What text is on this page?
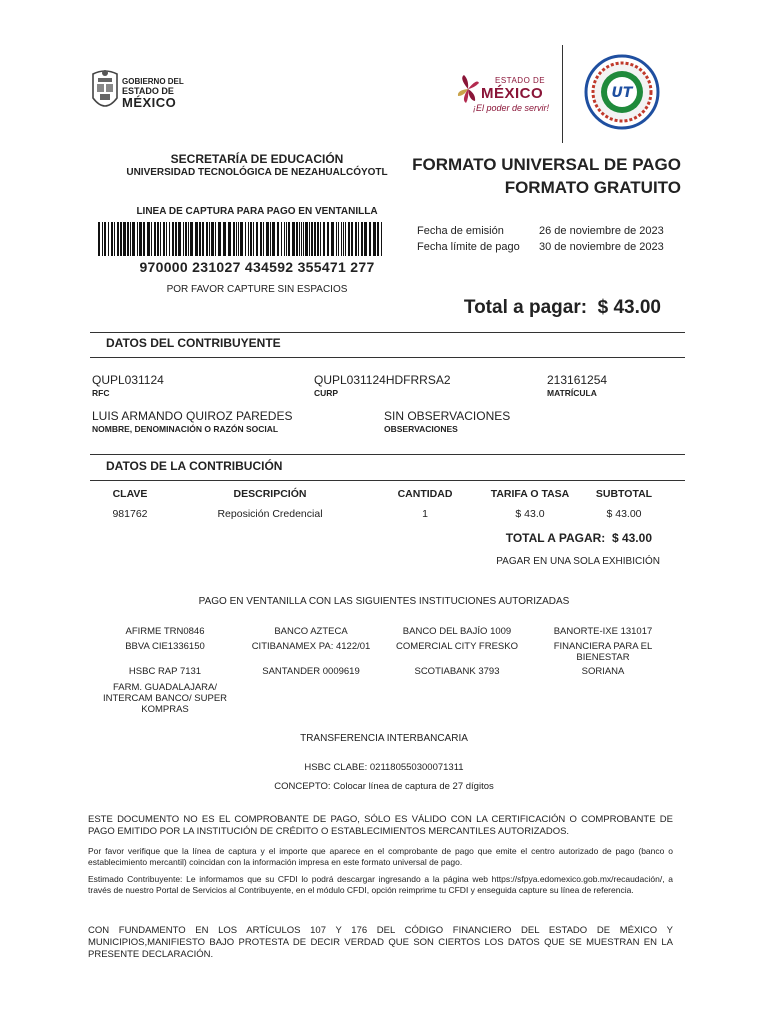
GOBIERNO DEL
ESTADO DE
MÉXICO
ESTADO DE
MÉXICO
¡El poder de servir!
UT
SECRETARÍA DE EDUCACIÓN
UNIVERSIDAD TECNOLÓGICA DE NEZAHUALCÓYOTL	FORMATO UNIVERSAL DE PAGO
FORMATO GRATUITO
LINEA DE CAPTURA PARA PAGO EN VENTANILLA
970000 231027 434592 355471 277
POR FAVOR CAPTURE SIN ESPACIOS
Fecha de emisión	26 de noviembre de 2023
Fecha límite de pago 30 de noviembre de 2023
Total a pagar:  $ 43.00
DATOS DEL CONTRIBUYENTE
QUPL031124
RFC
QUPL031124HDFRRSA2
CURP
213161254
MATRÍCULA
LUIS ARMANDO QUIROZ PAREDES
NOMBRE, DENOMINACIÓN O RAZÓN SOCIAL
SIN OBSERVACIONES
OBSERVACIONES
DATOS DE LA CONTRIBUCIÓN
CLAVE	DESCRIPCIÓN	CANTIDAD	TARIFA O TASA	SUBTOTAL
981762	Reposición Credencial	1	$ 43.0	$ 43.00
TOTAL A PAGAR:  $ 43.00
PAGAR EN UNA SOLA EXHIBICIÓN
PAGO EN VENTANILLA CON LAS SIGUIENTES INSTITUCIONES AUTORIZADAS
AFIRME TRN0846	BANCO AZTECA	BANCO DEL BAJÍO 1009	BANORTE-IXE 131017
BBVA CIE1336150	CITIBANAMEX PA: 4122/01	COMERCIAL CITY FRESKO	FINANCIERA PARA EL BIENESTAR
HSBC RAP 7131	SANTANDER 0009619	SCOTIABANK 3793	SORIANA
FARM. GUADALAJARA/ INTERCAM BANCO/ SUPER KOMPRAS
TRANSFERENCIA INTERBANCARIA
HSBC CLABE: 021180550300071311
CONCEPTO: Colocar línea de captura de 27 dígitos
ESTE DOCUMENTO NO ES EL COMPROBANTE DE PAGO, SÓLO ES VÁLIDO CON LA CERTIFICACIÓN O COMPROBANTE DE PAGO EMITIDO POR LA INSTITUCIÓN DE CRÉDITO O ESTABLECIMIENTOS MERCANTILES AUTORIZADOS.
Por favor verifique que la línea de captura y el importe que aparece en el comprobante de pago que emite el centro autorizado de pago (banco o establecimiento mercantil) coincidan con la información impresa en este formato universal de pago.
Estimado Contribuyente: Le informamos que su CFDI lo podrá descargar ingresando a la página web https://sfpya.edomexico.gob.mx/recaudación/, a través de nuestro Portal de Servicios al Contribuyente, en el módulo CFDI, opción reimprime tu CFDI y enseguida capture su línea de referencia.
CON FUNDAMENTO EN LOS ARTÍCULOS 107 Y 176 DEL CÓDIGO FINANCIERO DEL ESTADO DE MÉXICO Y MUNICIPIOS,MANIFIESTO BAJO PROTESTA DE DECIR VERDAD QUE SON CIERTOS LOS DATOS QUE SE MUESTRAN EN LA PRESENTE DECLARACIÓN.
